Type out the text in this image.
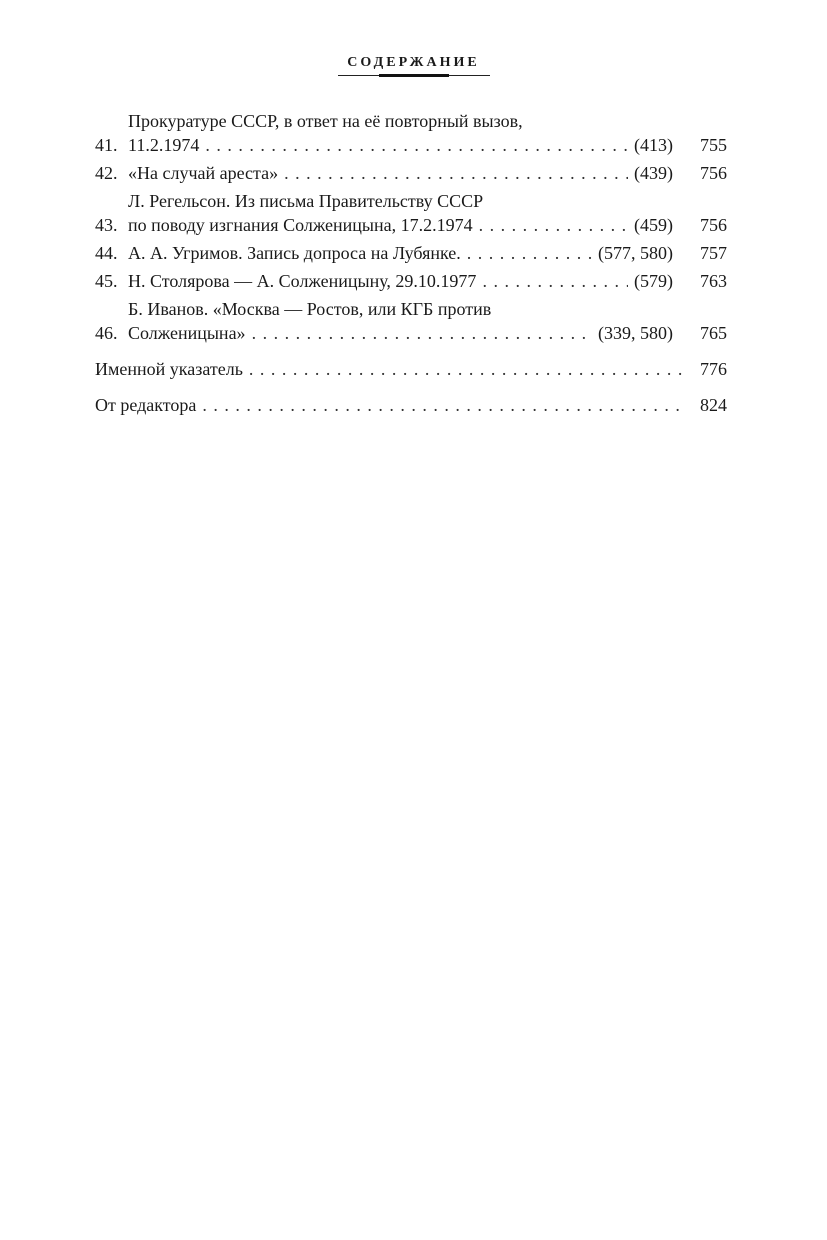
СОДЕРЖАНИЕ
41.
Прокуратуре СССР, в ответ на её повторный вызов,
11.2.1974 . . .	(413)	755
42. «На случай ареста» . . .	(439)	756
43.
Л. Регельсон. Из письма Правительству СССР
по поводу изгнания Солженицына, 17.2.1974 . . .	(459)	756
44. А. А. Угримов. Запись допроса на Лубянке. . . .	(577, 580)	757
45. Н. Столярова — А. Солженицыну, 29.10.1977 . . .	(579)	763
46.
Б. Иванов. «Москва — Ростов, или КГБ против
Солженицына» . . .	(339, 580)	765
Именной указатель . . .	776
От редактора . . .	824
